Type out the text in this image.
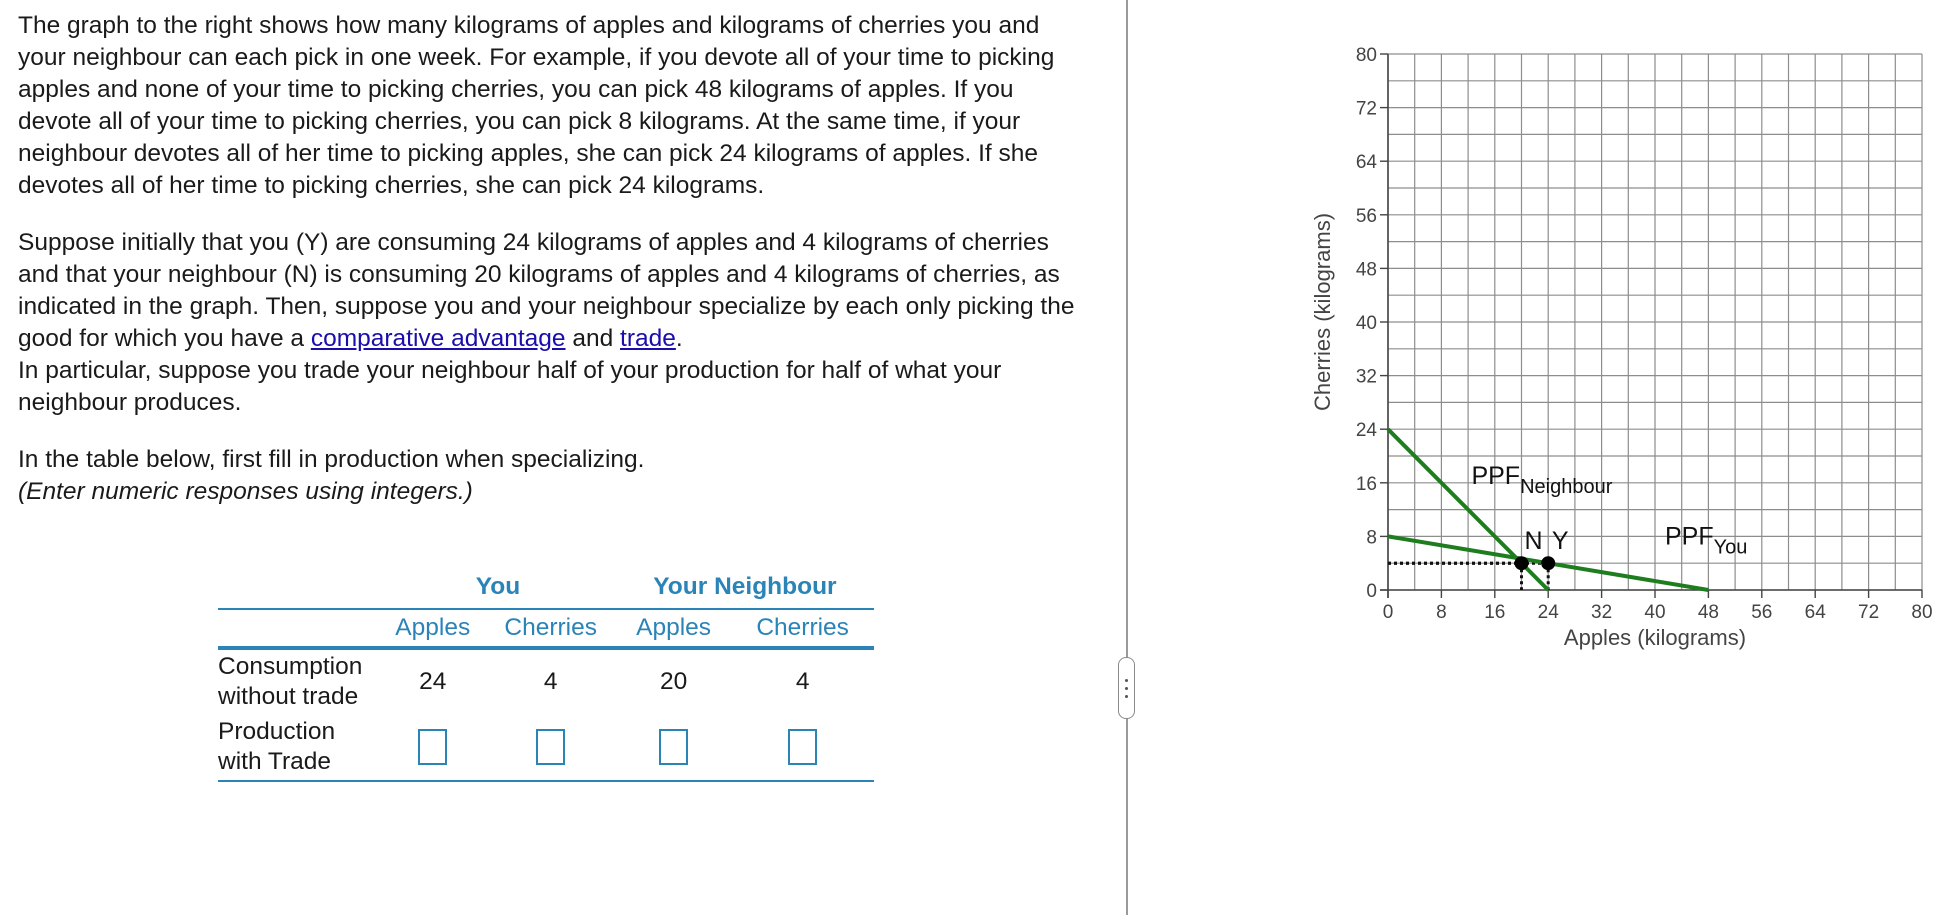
The graph to the right shows how many kilograms of apples and kilograms of cherries you and your neighbour can each pick in one week. For example, if you devote all of your time to picking apples and none of your time to picking cherries, you can pick 48 kilograms of apples. If you devote all of your time to picking cherries, you can pick 8 kilograms. At the same time, if your neighbour devotes all of her time to picking apples, she can pick 24 kilograms of apples. If she devotes all of her time to picking cherries, she can pick 24 kilograms.

Suppose initially that you (Y) are consuming 24 kilograms of apples and 4 kilograms of cherries and that your neighbour (N) is consuming 20 kilograms of apples and 4 kilograms of cherries, as indicated in the graph. Then, suppose you and your neighbour specialize by each only picking the good for which you have a comparative advantage and trade.

In particular, suppose you trade your neighbour half of your production for half of what your neighbour produces.

In the table below, first fill in production when specializing.

(Enter numeric responses using integers.)

	You		Your Neighbour	
	Apples	Cherries	Apples	Cherries
Consumption without trade	24	4	20	4
Production with Trade				
0 8 16 24 32 40 48 56 64 72 80
0
8
16
24
32
40
48
56
64
72
80
Apples (kilograms)
Cherries (kilograms)
$PPF_{Neighbour}$
$PPF_{You}$
N Y
